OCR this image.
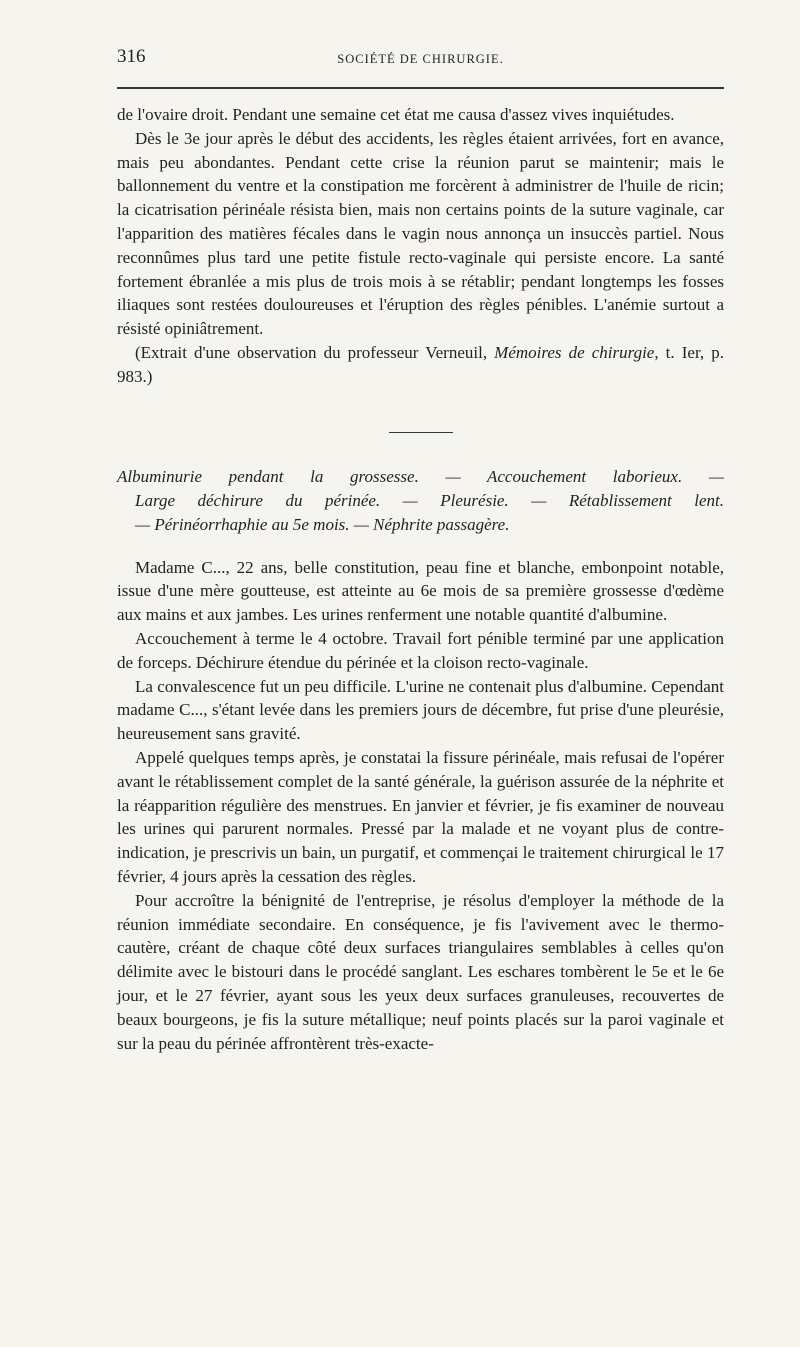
316	SOCIÉTÉ DE CHIRURGIE.

de l'ovaire droit. Pendant une semaine cet état me causa d'assez vives inquiétudes.

Dès le 3e jour après le début des accidents, les règles étaient arrivées, fort en avance, mais peu abondantes. Pendant cette crise la réunion parut se maintenir; mais le ballonnement du ventre et la constipation me forcèrent à administrer de l'huile de ricin; la cicatrisation périnéale résista bien, mais non certains points de la suture vaginale, car l'apparition des matières fécales dans le vagin nous annonça un insuccès partiel. Nous reconnûmes plus tard une petite fistule recto-vaginale qui persiste encore. La santé fortement ébranlée a mis plus de trois mois à se rétablir; pendant longtemps les fosses iliaques sont restées douloureuses et l'éruption des règles pénibles. L'anémie surtout a résisté opiniâtrement.

(Extrait d'une observation du professeur Verneuil, Mémoires de chirurgie, t. Ier, p. 983.)

Albuminurie pendant la grossesse. — Accouchement laborieux. —
Large déchirure du périnée. — Pleurésie. — Rétablissement lent.
— Périnéorrhaphie au 5e mois. — Néphrite passagère.

Madame C..., 22 ans, belle constitution, peau fine et blanche, embonpoint notable, issue d'une mère goutteuse, est atteinte au 6e mois de sa première grossesse d'œdème aux mains et aux jambes. Les urines renferment une notable quantité d'albumine.

Accouchement à terme le 4 octobre. Travail fort pénible terminé par une application de forceps. Déchirure étendue du périnée et la cloison recto-vaginale.

La convalescence fut un peu difficile. L'urine ne contenait plus d'albumine. Cependant madame C..., s'étant levée dans les premiers jours de décembre, fut prise d'une pleurésie, heureusement sans gravité.

Appelé quelques temps après, je constatai la fissure périnéale, mais refusai de l'opérer avant le rétablissement complet de la santé générale, la guérison assurée de la néphrite et la réapparition régulière des menstrues. En janvier et février, je fis examiner de nouveau les urines qui parurent normales. Pressé par la malade et ne voyant plus de contre-indication, je prescrivis un bain, un purgatif, et commençai le traitement chirurgical le 17 février, 4 jours après la cessation des règles.

Pour accroître la bénignité de l'entreprise, je résolus d'employer la méthode de la réunion immédiate secondaire. En conséquence, je fis l'avivement avec le thermo-cautère, créant de chaque côté deux surfaces triangulaires semblables à celles qu'on délimite avec le bistouri dans le procédé sanglant. Les eschares tombèrent le 5e et le 6e jour, et le 27 février, ayant sous les yeux deux surfaces granuleuses, recouvertes de beaux bourgeons, je fis la suture métallique; neuf points placés sur la paroi vaginale et sur la peau du périnée affrontèrent très-exacte-
